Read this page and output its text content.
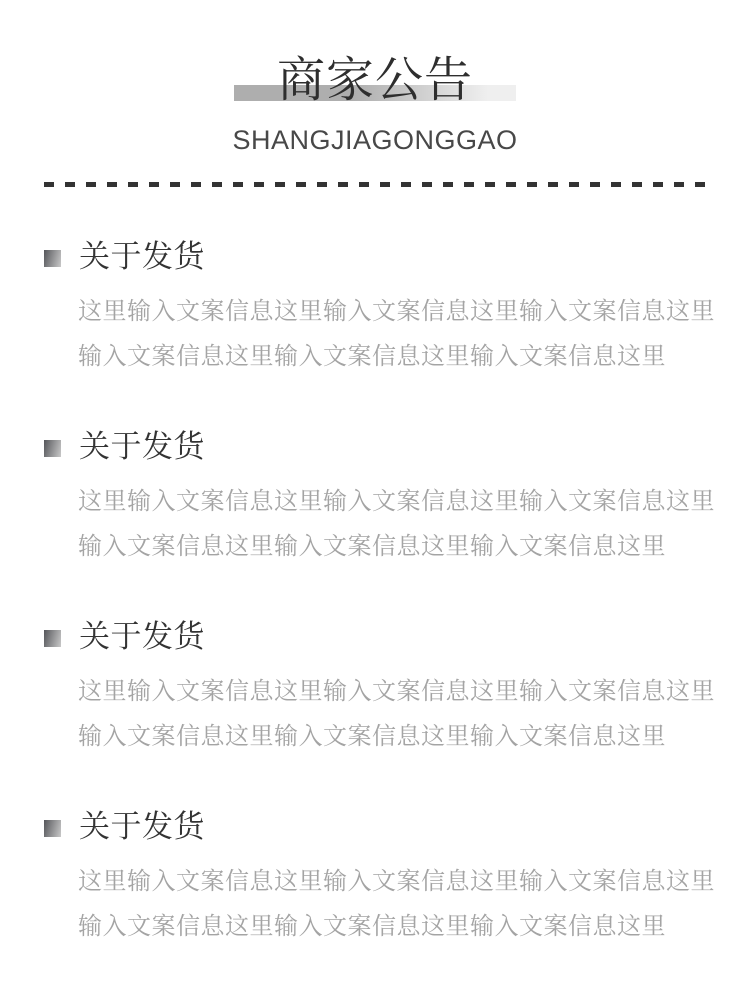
商家公告
SHANGJIAGONGGAO
关于发货
这里输入文案信息这里输入文案信息这里输入文案信息这里输入文案信息这里输入文案信息这里输入文案信息这里
关于发货
这里输入文案信息这里输入文案信息这里输入文案信息这里输入文案信息这里输入文案信息这里输入文案信息这里
关于发货
这里输入文案信息这里输入文案信息这里输入文案信息这里输入文案信息这里输入文案信息这里输入文案信息这里
关于发货
这里输入文案信息这里输入文案信息这里输入文案信息这里输入文案信息这里输入文案信息这里输入文案信息这里
